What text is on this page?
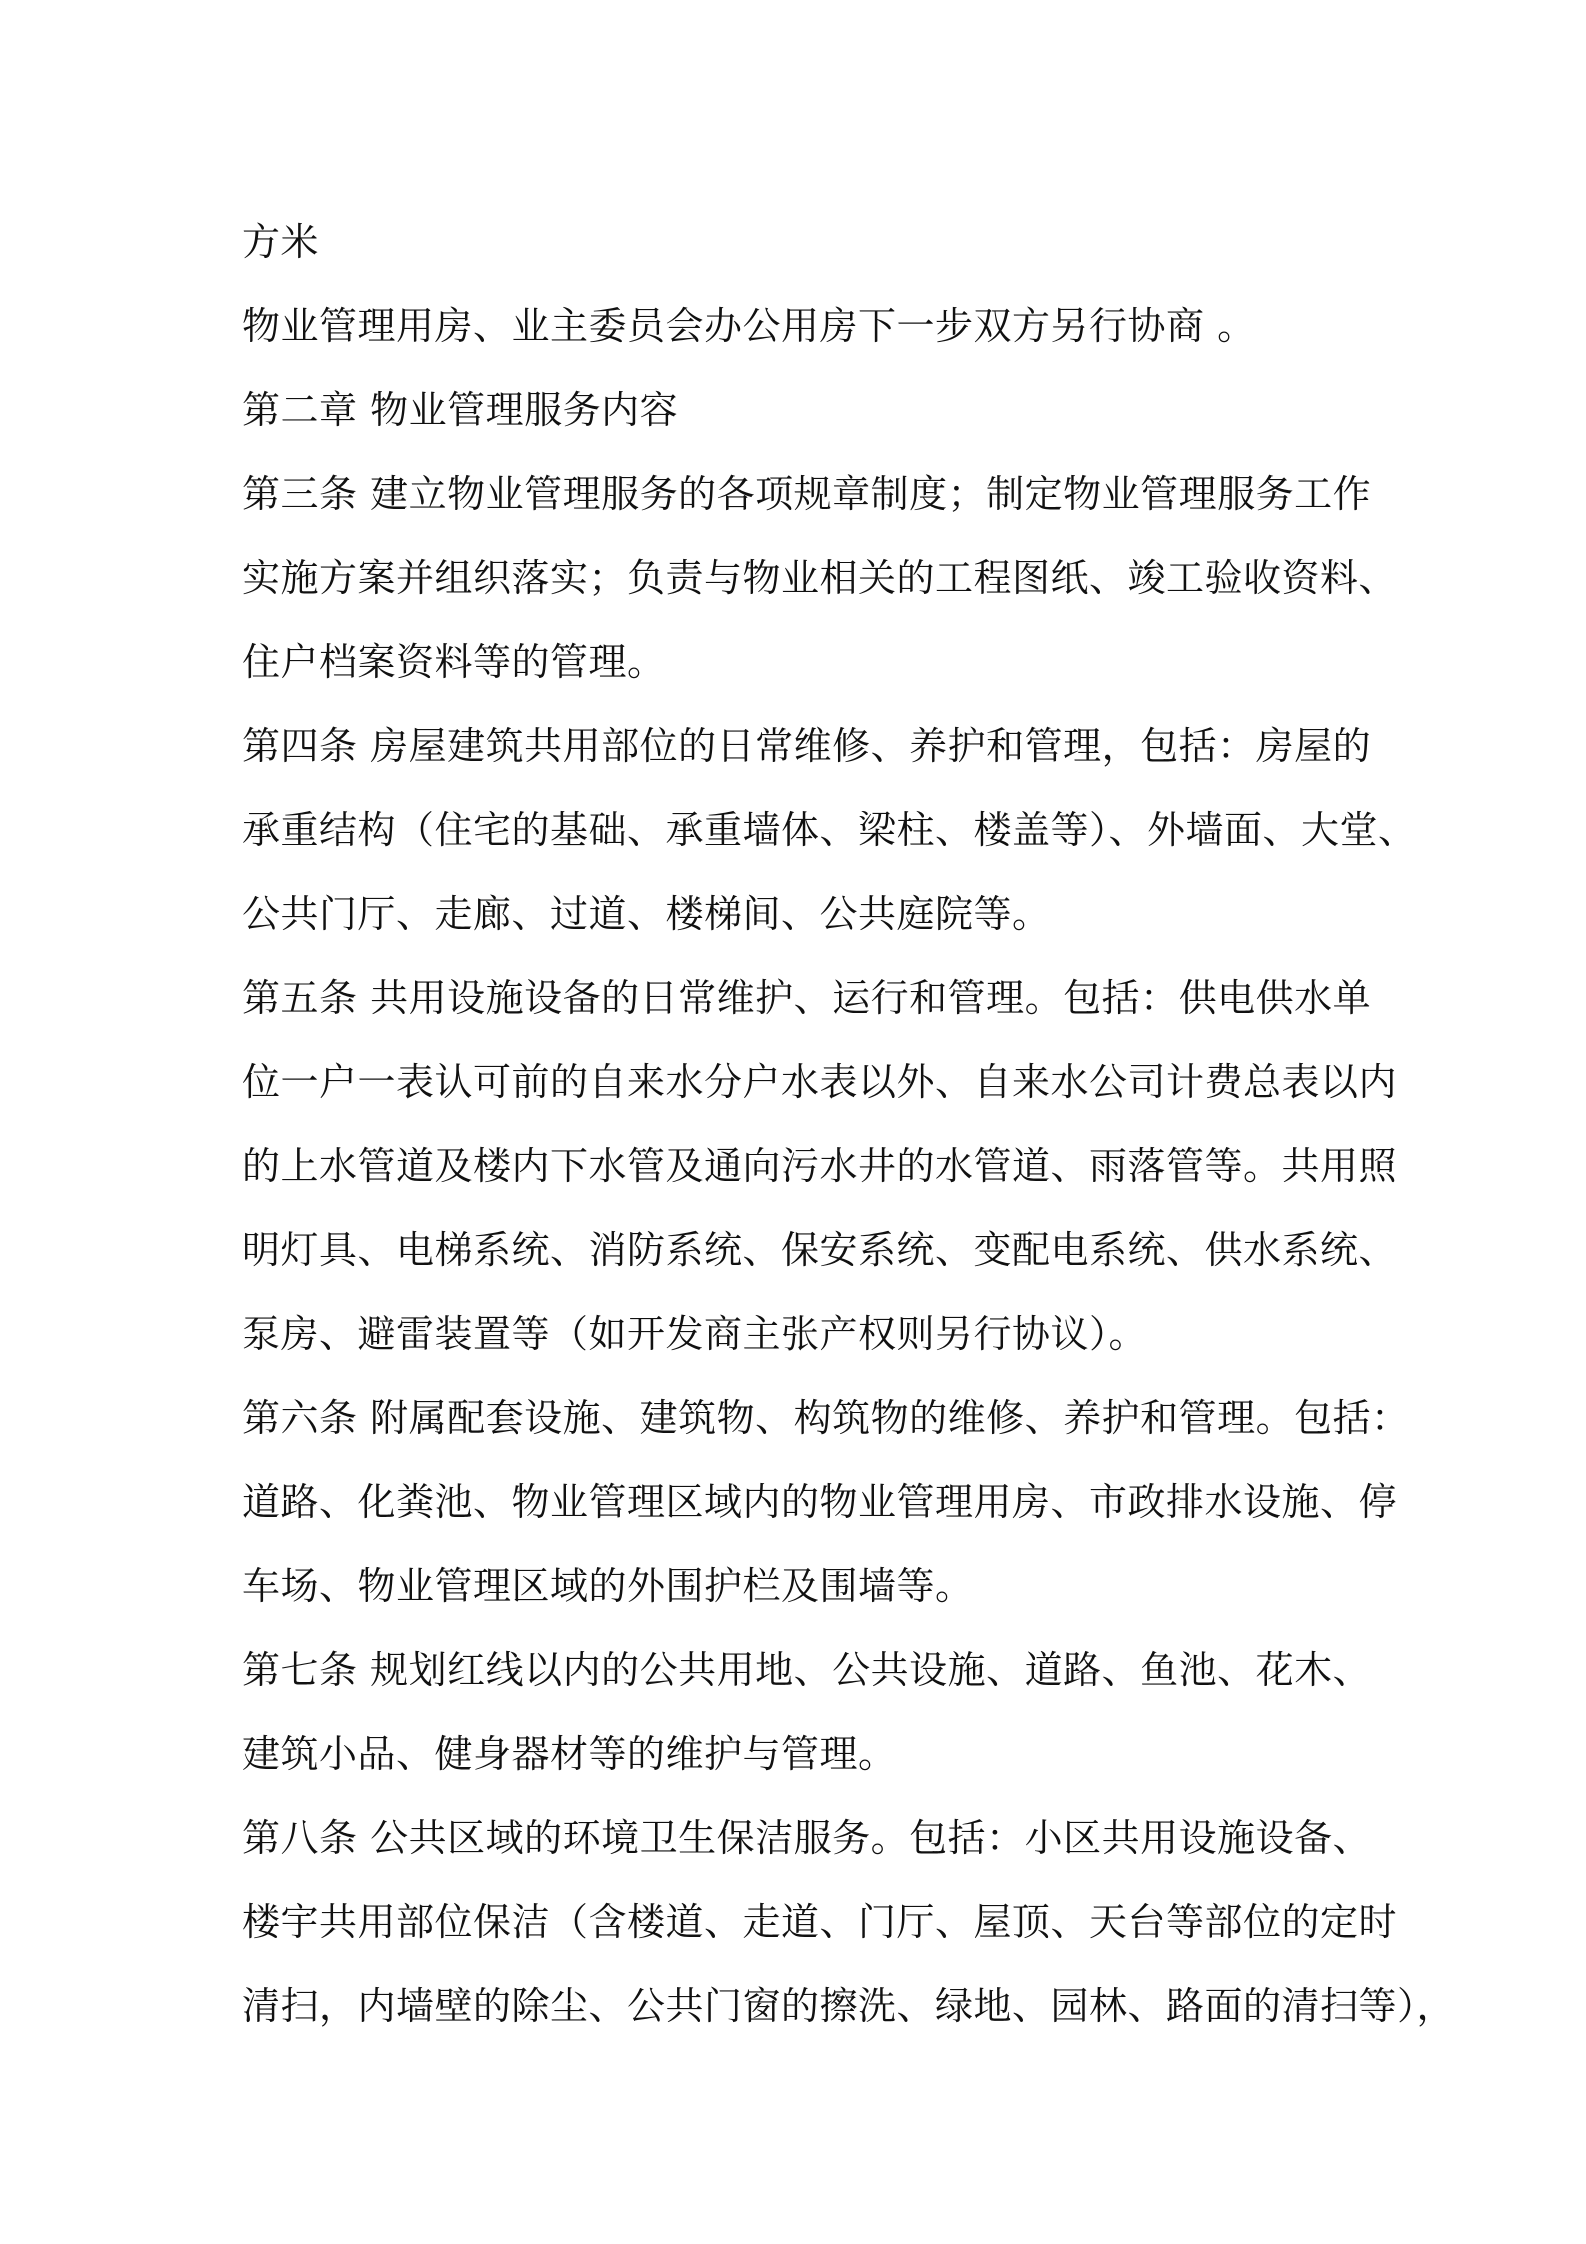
方米
物业管理用房、业主委员会办公用房下一步双方另行协商 。
第二章 物业管理服务内容
第三条 建立物业管理服务的各项规章制度；制定物业管理服务工作
实施方案并组织落实；负责与物业相关的工程图纸、竣工验收资料、
住户档案资料等的管理。
第四条 房屋建筑共用部位的日常维修、养护和管理，包括：房屋的
承重结构（住宅的基础、承重墙体、梁柱、楼盖等）、外墙面、大堂、
公共门厅、走廊、过道、楼梯间、公共庭院等。
第五条 共用设施设备的日常维护、运行和管理。包括：供电供水单
位一户一表认可前的自来水分户水表以外、自来水公司计费总表以内
的上水管道及楼内下水管及通向污水井的水管道、雨落管等。共用照
明灯具、电梯系统、消防系统、保安系统、变配电系统、供水系统、
泵房、避雷装置等（如开发商主张产权则另行协议）。
第六条 附属配套设施、建筑物、构筑物的维修、养护和管理。包括：
道路、化粪池、物业管理区域内的物业管理用房、市政排水设施、停
车场、物业管理区域的外围护栏及围墙等。
第七条 规划红线以内的公共用地、公共设施、道路、鱼池、花木、
建筑小品、健身器材等的维护与管理。
第八条 公共区域的环境卫生保洁服务。包括：小区共用设施设备、
楼宇共用部位保洁（含楼道、走道、门厅、屋顶、天台等部位的定时
清扫，内墙壁的除尘、公共门窗的擦洗、绿地、园林、路面的清扫等），
